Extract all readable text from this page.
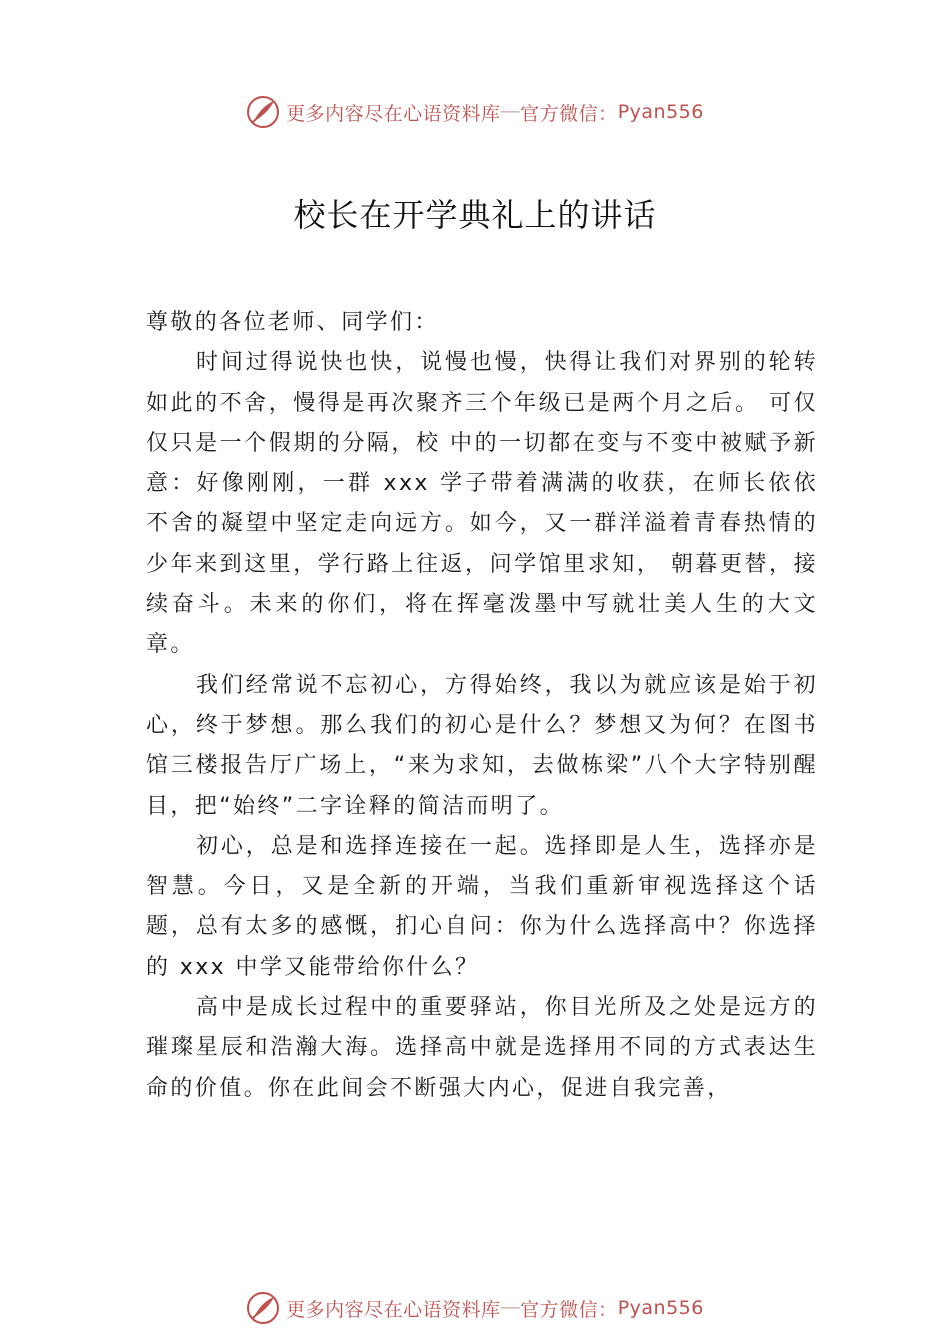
更多内容尽在心语资料库 — 官方微信： Pyan556
校长在开学典礼上的讲话

尊敬的各位老师、同学们：

时间过得说快也快，说慢也慢，快得让我们对界别的轮转如此的不舍，慢得是再次聚齐三个年级已是两个月之后。 可仅仅只是一个假期的分隔，校 中的一切都在变与不变中被赋予新意：好像刚刚，一群 xxx 学子带着满满的收获，在师长依依不舍的凝望中坚定走向远方。如今，又一群洋溢着青春热情的少年来到这里，学行路上往返，问学馆里求知， 朝暮更替，接续奋斗。未来的你们，将在挥毫泼墨中写就壮美人生的大文章。

我们经常说不忘初心，方得始终，我以为就应该是始于初心，终于梦想。那么我们的初心是什么？梦想又为何？在图书馆三楼报告厅广场上，“来为求知，去做栋梁”八个大字特别醒目，把“始终”二字诠释的简洁而明了。

初心，总是和选择连接在一起。选择即是人生，选择亦是智慧。今日，又是全新的开端，当我们重新审视选择这个话题，总有太多的感慨，扪心自问：你为什么选择高中？你选择的 xxx 中学又能带给你什么？

高中是成长过程中的重要驿站，你目光所及之处是远方的璀璨星辰和浩瀚大海。选择高中就是选择用不同的方式表达生命的价值。你在此间会不断强大内心，促进自我完善，

更多内容尽在心语资料库 — 官方微信： Pyan556
